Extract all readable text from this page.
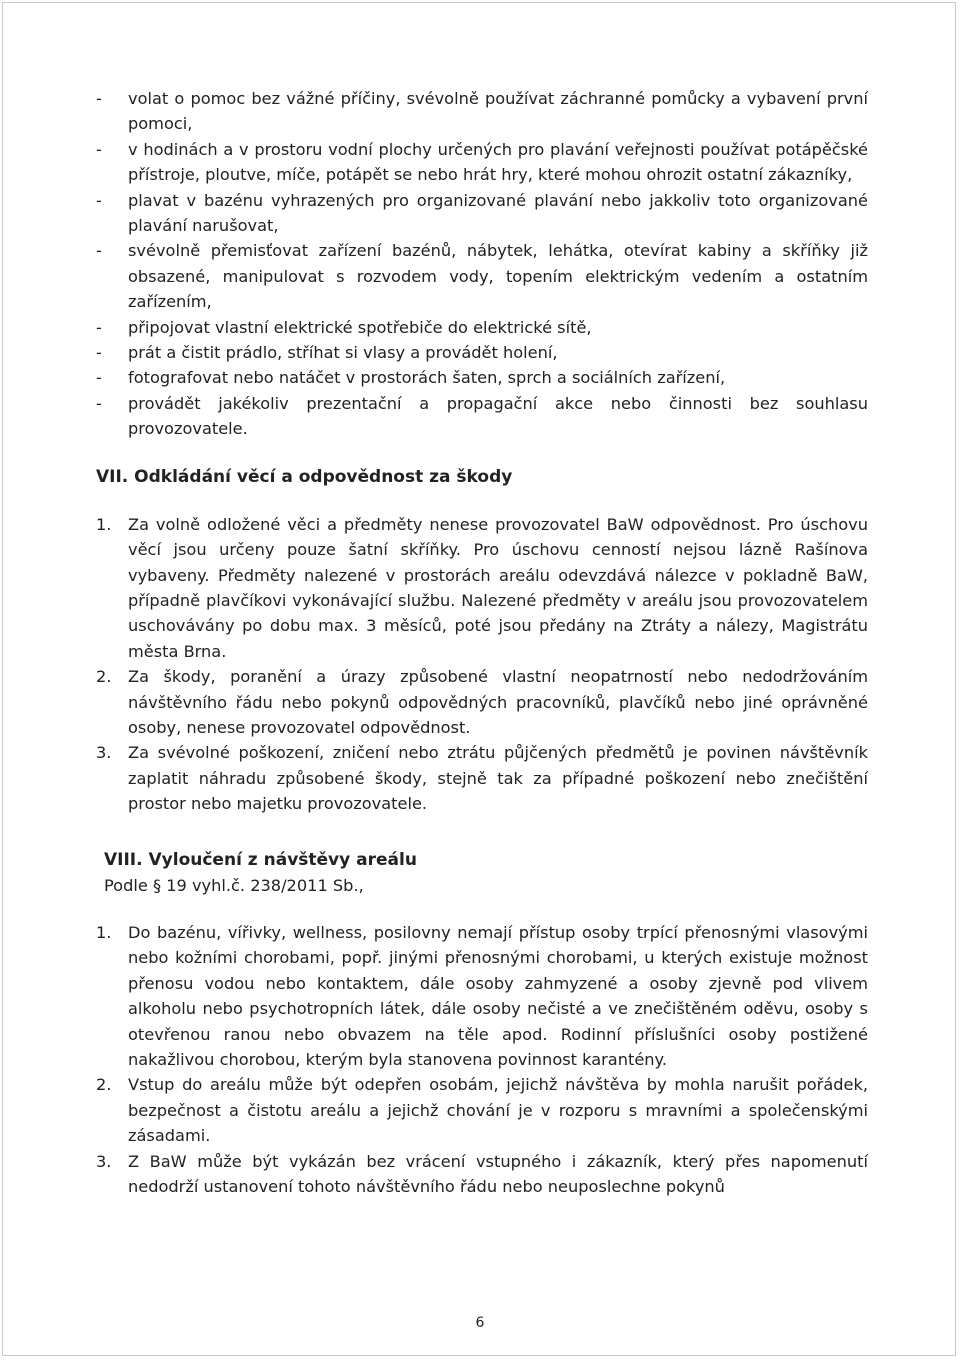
-	volat o pomoc bez vážné příčiny, svévolně používat záchranné pomůcky a vybavení první pomoci,
-	v hodinách a v prostoru vodní plochy určených pro plavání veřejnosti používat potápěčské přístroje, ploutve, míče, potápět se nebo hrát hry, které mohou ohrozit ostatní zákazníky,
-	plavat v bazénu vyhrazených pro organizované plavání nebo jakkoliv toto organizované plavání narušovat,
-	svévolně přemisťovat zařízení bazénů, nábytek, lehátka, otevírat kabiny a skříňky již obsazené, manipulovat s rozvodem vody, topením elektrickým vedením a ostatním zařízením,
-	připojovat vlastní elektrické spotřebiče do elektrické sítě,
-	prát a čistit prádlo, stříhat si vlasy a provádět holení,
-	fotografovat nebo natáčet v prostorách šaten, sprch a sociálních zařízení,
-	provádět jakékoliv prezentační a propagační akce nebo činnosti bez souhlasu provozovatele.
VII. Odkládání věcí a odpovědnost za škody
1.	Za volně odložené věci a předměty nenese provozovatel BaW odpovědnost. Pro úschovu věcí jsou určeny pouze šatní skříňky. Pro úschovu cenností nejsou lázně Rašínova vybaveny. Předměty nalezené v prostorách areálu odevzdává nálezce v pokladně BaW, případně plavčíkovi vykonávající službu. Nalezené předměty v areálu jsou provozovatelem uschovávány po dobu max. 3 měsíců, poté jsou předány na Ztráty a nálezy, Magistrátu města Brna.
2.	Za škody, poranění a úrazy způsobené vlastní neopatrností nebo nedodržováním návštěvního řádu nebo pokynů odpovědných pracovníků, plavčíků nebo jiné oprávněné osoby, nenese provozovatel odpovědnost.
3.	Za svévolné poškození, zničení nebo ztrátu půjčených předmětů je povinen návštěvník zaplatit náhradu způsobené škody, stejně tak za případné poškození nebo znečištění prostor nebo majetku provozovatele.
VIII. Vyloučení z návštěvy areálu
Podle § 19 vyhl.č. 238/2011 Sb.,
1.	Do bazénu, vířivky, wellness, posilovny nemají přístup osoby trpící přenosnými vlasovými nebo kožními chorobami, popř. jinými přenosnými chorobami, u kterých existuje možnost přenosu vodou nebo kontaktem, dále osoby zahmyzené a osoby zjevně pod vlivem alkoholu nebo psychotropních látek, dále osoby nečisté a ve znečištěném oděvu, osoby s otevřenou ranou nebo obvazem na těle apod. Rodinní příslušníci osoby postižené nakažlivou chorobou, kterým byla stanovena povinnost karantény.
2.	Vstup do areálu může být odepřen osobám, jejichž návštěva by mohla narušit pořádek, bezpečnost a čistotu areálu a jejichž chování je v rozporu s mravními a společenskými zásadami.
3.	Z BaW může být vykázán bez vrácení vstupného i zákazník, který přes napomenutí nedodrží ustanovení tohoto návštěvního řádu nebo neuposlechne pokynů
6
